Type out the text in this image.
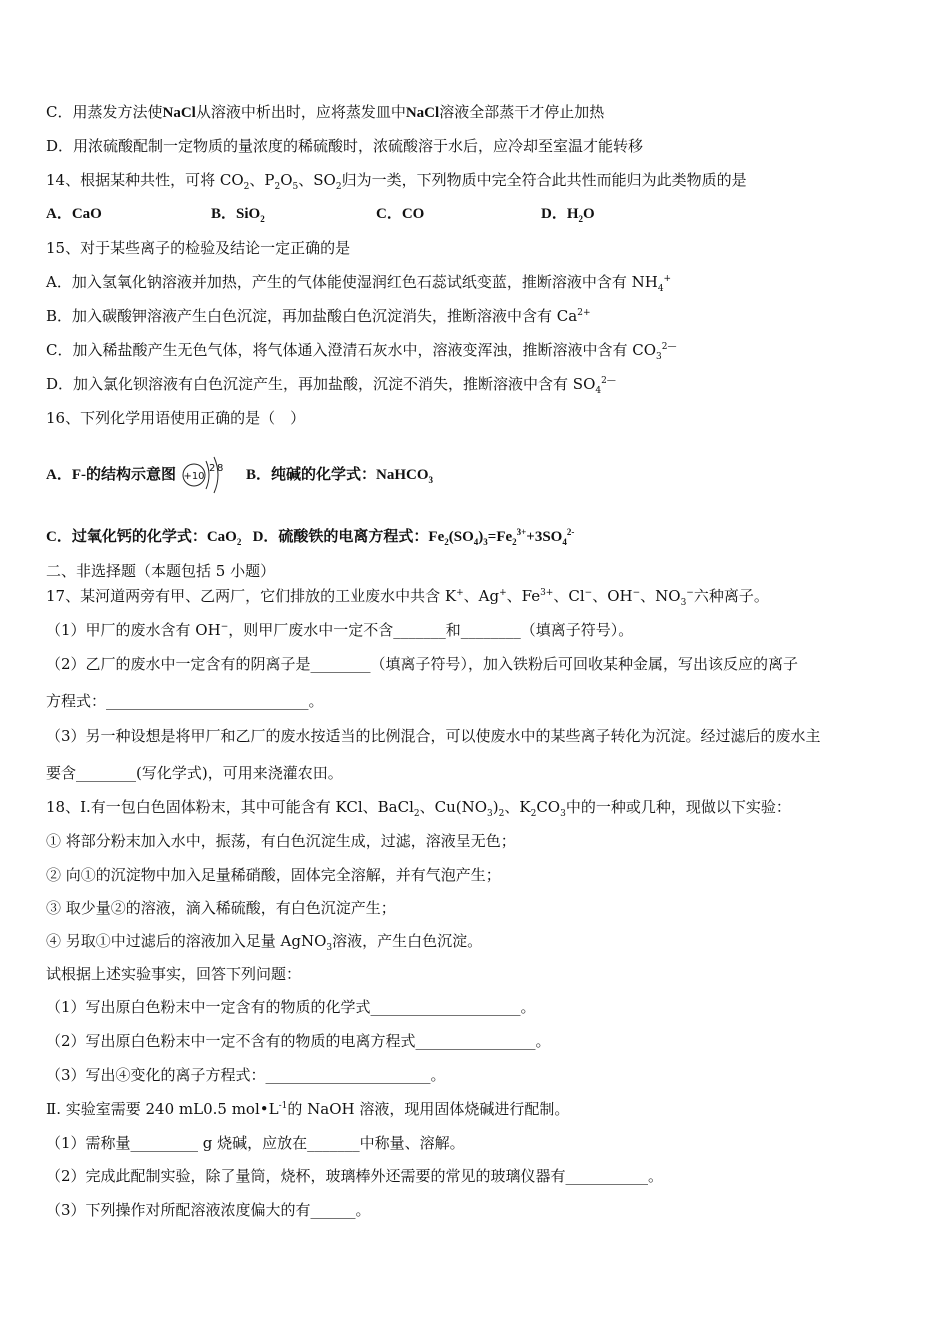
C．用蒸发方法使NaCl从溶液中析出时，应将蒸发皿中NaCl溶液全部蒸干才停止加热
D．用浓硫酸配制一定物质的量浓度的稀硫酸时，浓硫酸溶于水后，应冷却至室温才能转移
14、根据某种共性，可将 $CO_2$、$P_2O_5$、$SO_2$归为一类，下列物质中完全符合此共性而能归为此类物质的是
A．CaO	B．SiO$_2$	C．CO	D．$H_2O$
15、对于某些离子的检验及结论一定正确的是
A．加入氢氧化钠溶液并加热，产生的气体能使湿润红色石蕊试纸变蓝，推断溶液中含有 $NH_4^+$
B．加入碳酸钾溶液产生白色沉淀，再加盐酸白色沉淀消失，推断溶液中含有 $Ca^{2+}$
C．加入稀盐酸产生无色气体，将气体通入澄清石灰水中，溶液变浑浊，推断溶液中含有 $CO_3^{2—}$
D．加入氯化钡溶液有白色沉淀产生，再加盐酸，沉淀不消失，推断溶液中含有 $SO_4^{2—}$
16、下列化学用语使用正确的是（　）
A．F-的结构示意图 +10
2 8 B．纯碱的化学式：NaHCO$_3$
C．过氧化钙的化学式：CaO$_2$ D．硫酸铁的电离方程式：$Fe_2(SO_4)_3=Fe_2^{3+}+3SO_4^{2-}$
二、非选择题（本题包括 5 小题）
17、某河道两旁有甲、乙两厂，它们排放的工业废水中共含 K+、Ag+、$Fe^{3+}$、Cl−、OH−、$NO_3^-$六种离子。
（1）甲厂的废水含有 OH−，则甲厂废水中一定不含_______和________（填离子符号）。
（2）乙厂的废水中一定含有的阴离子是________（填离子符号），加入铁粉后可回收某种金属，写出该反应的离子
方程式：___________________________。
（3）另一种设想是将甲厂和乙厂的废水按适当的比例混合，可以使废水中的某些离子转化为沉淀。经过滤后的废水主
要含________(写化学式)，可用来浇灌农田。
18、Ⅰ.有一包白色固体粉末，其中可能含有 KCl、BaCl$_2$、$Cu(NO_3)_2$、$K_2CO_3$中的一种或几种，现做以下实验：
① 将部分粉末加入水中，振荡，有白色沉淀生成，过滤，溶液呈无色；
② 向①的沉淀物中加入足量稀硝酸，固体完全溶解，并有气泡产生；
③ 取少量②的溶液，滴入稀硫酸，有白色沉淀产生；
④ 另取①中过滤后的溶液加入足量 AgNO$_3$溶液，产生白色沉淀。
试根据上述实验事实，回答下列问题：
（1）写出原白色粉末中一定含有的物质的化学式____________________。
（2）写出原白色粉末中一定不含有的物质的电离方程式________________。
（3）写出④变化的离子方程式：______________________。
Ⅱ. 实验室需要 240 mL0.5 $mol•L^{-1}$的 NaOH 溶液，现用固体烧碱进行配制。
（1）需称量_________ g 烧碱，应放在_______中称量、溶解。
（2）完成此配制实验，除了量筒，烧杯，玻璃棒外还需要的常见的玻璃仪器有___________。
（3）下列操作对所配溶液浓度偏大的有______。
